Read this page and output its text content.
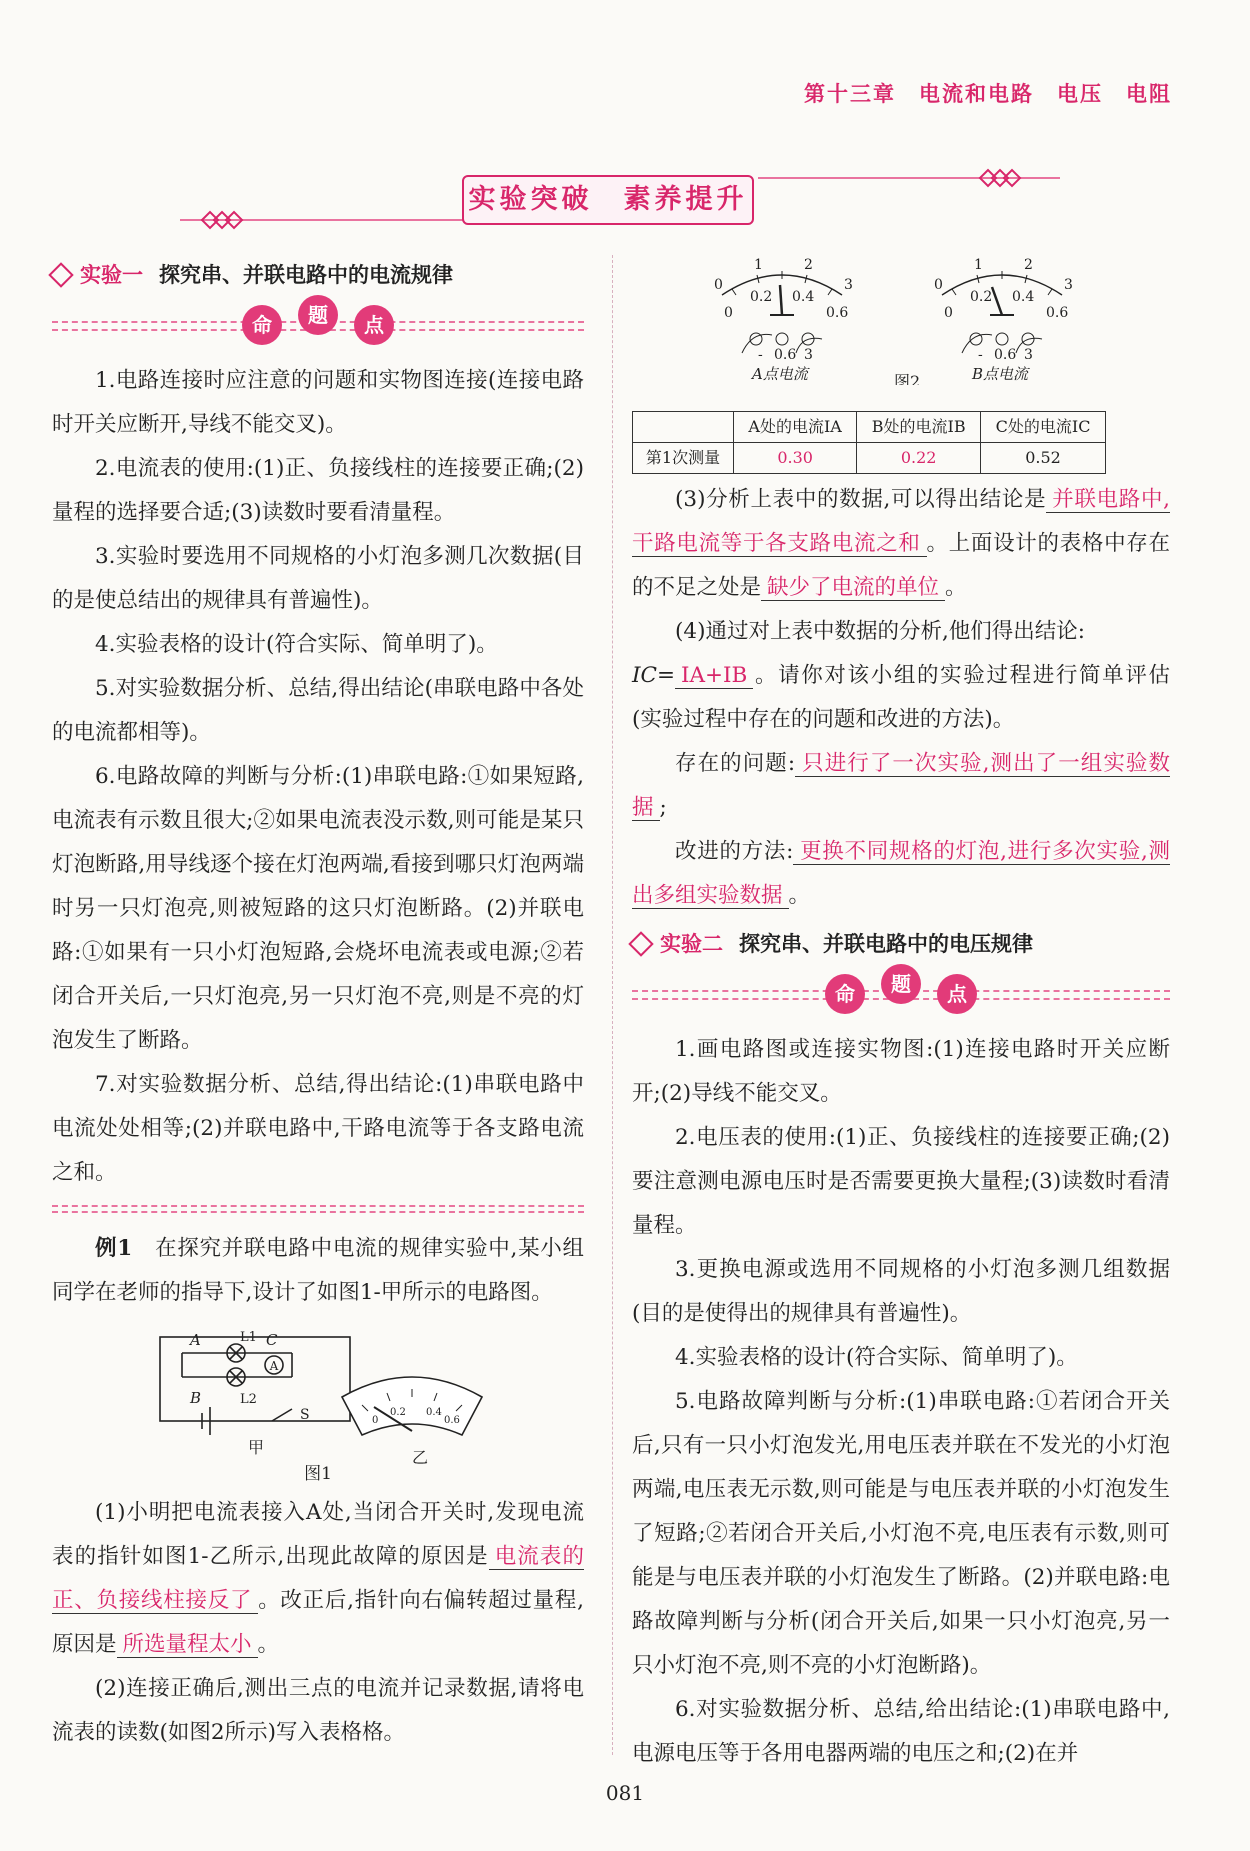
第十三章　电流和电路　电压　电阻
实验突破　素养提升
实验一 探究串、并联电路中的电流规律
命	题	点

1.电路连接时应注意的问题和实物图连接(连接电路时开关应断开,导线不能交叉)。

2.电流表的使用:(1)正、负接线柱的连接要正确;(2)量程的选择要合适;(3)读数时要看清量程。

3.实验时要选用不同规格的小灯泡多测几次数据(目的是使总结出的规律具有普遍性)。

4.实验表格的设计(符合实际、简单明了)。

5.对实验数据分析、总结,得出结论(串联电路中各处的电流都相等)。

6.电路故障的判断与分析:(1)串联电路:①如果短路,电流表有示数且很大;②如果电流表没示数,则可能是某只灯泡断路,用导线逐个接在灯泡两端,看接到哪只灯泡两端时另一只灯泡亮,则被短路的这只灯泡断路。(2)并联电路:①如果有一只小灯泡短路,会烧坏电流表或电源;②若闭合开关后,一只灯泡亮,另一只灯泡不亮,则是不亮的灯泡发生了断路。

7.对实验数据分析、总结,得出结论:(1)串联电路中电流处处相等;(2)并联电路中,干路电流等于各支路电流之和。

例1　 在探究并联电路中电流的规律实验中,某小组同学在老师的指导下,设计了如图1-甲所示的电路图。

A
A
B
C
L1
L2
S
甲
0
0.2 0.4
0.6
乙
图1

(1)小明把电流表接入A处,当闭合开关时,发现电流表的指针如图1-乙所示,出现此故障的原因是 电流表的正、负接线柱接反了 。改正后,指针向右偏转超过量程,原因是 所选量程太小 。

(2)连接正确后,测出三点的电流并记录数据,请将电流表的读数(如图2所示)写入表格格。

0
1	2
3
0
0.2 0.4
0.6
- 0.6 3
A点电流
0
1	2
3
0
0.2 0.4
0.6
- 0.6 3
B点电流
图2
	A处的电流IA	B处的电流IB	C处的电流IC
第1次测量	0.30	0.22	0.52

(3)分析上表中的数据,可以得出结论是 并联电路中,干路电流等于各支路电流之和 。上面设计的表格中存在的不足之处是 缺少了电流的单位 。

(4)通过对上表中数据的分析,他们得出结论:

IC= IA+IB 。请你对该小组的实验过程进行简单评估(实验过程中存在的问题和改进的方法)。

存在的问题: 只进行了一次实验,测出了一组实验数据 ;

改进的方法: 更换不同规格的灯泡,进行多次实验,测出多组实验数据 。

实验二 探究串、并联电路中的电压规律
命	题	点

1.画电路图或连接实物图:(1)连接电路时开关应断开;(2)导线不能交叉。

2.电压表的使用:(1)正、负接线柱的连接要正确;(2)要注意测电源电压时是否需要更换大量程;(3)读数时看清量程。

3.更换电源或选用不同规格的小灯泡多测几组数据(目的是使得出的规律具有普遍性)。

4.实验表格的设计(符合实际、简单明了)。

5.电路故障判断与分析:(1)串联电路:①若闭合开关后,只有一只小灯泡发光,用电压表并联在不发光的小灯泡两端,电压表无示数,则可能是与电压表并联的小灯泡发生了短路;②若闭合开关后,小灯泡不亮,电压表有示数,则可能是与电压表并联的小灯泡发生了断路。(2)并联电路:电路故障判断与分析(闭合开关后,如果一只小灯泡亮,另一只小灯泡不亮,则不亮的小灯泡断路)。

6.对实验数据分析、总结,给出结论:(1)串联电路中,电源电压等于各用电器两端的电压之和;(2)在并

081
